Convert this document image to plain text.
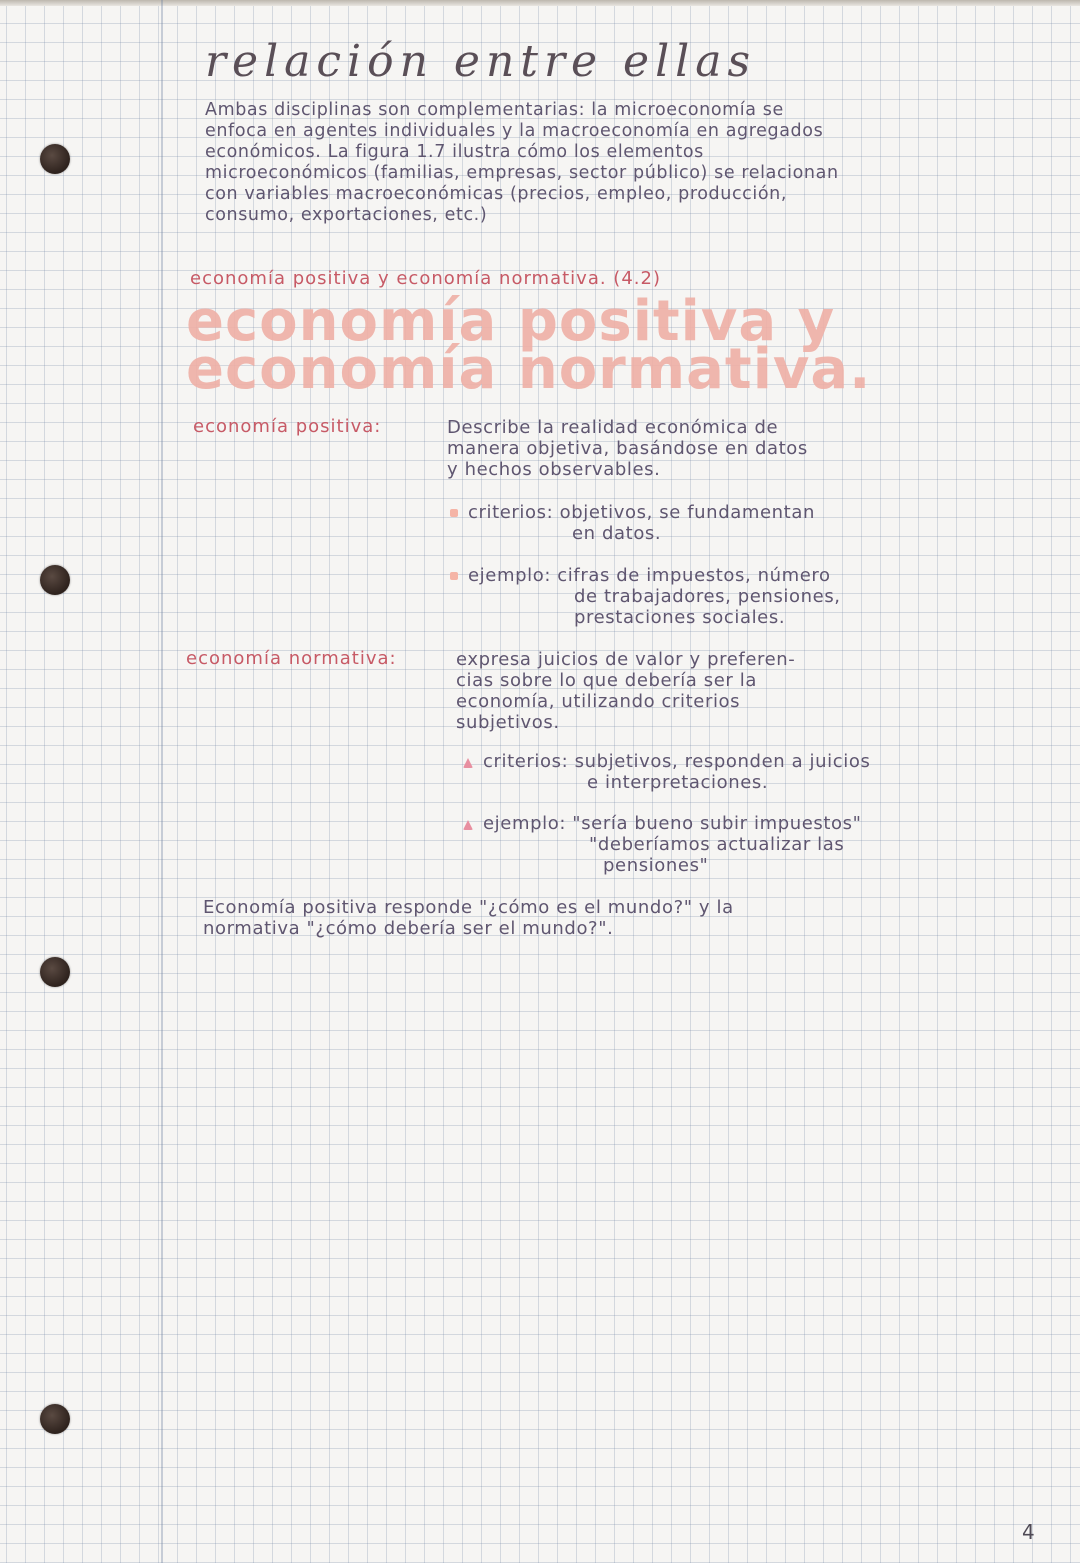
relación entre ellas
Ambas disciplinas son complementarias: la microeconomía se
enfoca en agentes individuales y la macroeconomía en agregados
económicos. La figura 1.7 ilustra cómo los elementos
microeconómicos (familias, empresas, sector público) se relacionan
con variables macroeconómicas (precios, empleo, producción,
consumo, exportaciones, etc.)
economía positiva y economía normativa. (4.2)
economía positiva y
economía normativa.
economía positiva:	Describe la realidad económica de
manera objetiva, basándose en datos
y hechos observables.
criterios: objetivos, se fundamentan
en datos.
ejemplo: cifras de impuestos, número
de trabajadores, pensiones,
prestaciones sociales.
economía normativa:	expresa juicios de valor y preferen-
cias sobre lo que debería ser la
economía, utilizando criterios
subjetivos.
criterios: subjetivos, responden a juicios
e interpretaciones.
ejemplo: "sería bueno subir impuestos"
"deberíamos actualizar las
pensiones"
Economía positiva responde "¿cómo es el mundo?" y la
normativa "¿cómo debería ser el mundo?".
4
